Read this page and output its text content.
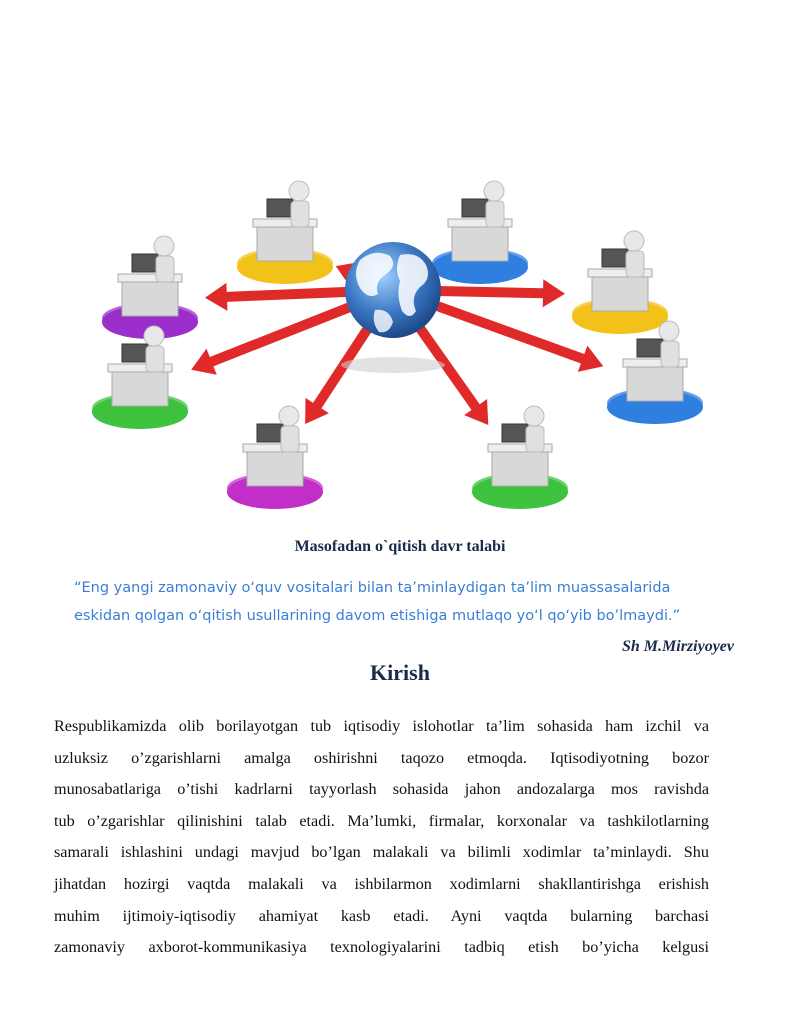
Masofadan o`qitish davr talabi
“Eng yangi zamonaviy o‘quv vositalari bilan ta’minlaydigan ta’lim muassasalarida
eskidan qolgan o‘qitish usullarining davom etishiga mutlaqo yo‘l qo‘yib bo’lmaydi.”
Sh M.Mirziyoyev
Kirish
Respublikamizda olib borilayotgan tub iqtisodiy islohotlar ta’lim sohasida ham izchil va
uzluksiz o’zgarishlarni amalga oshirishni taqozo etmoqda. Iqtisodiyotning bozor
munosabatlariga o’tishi kadrlarni tayyorlash sohasida jahon andozalarga mos ravishda
tub o’zgarishlar qilinishini talab etadi. Ma’lumki, firmalar, korxonalar va tashkilotlarning
samarali ishlashini undagi mavjud bo’lgan malakali va bilimli xodimlar ta’minlaydi. Shu
jihatdan hozirgi vaqtda malakali va ishbilarmon xodimlarni shakllantirishga erishish
muhim ijtimoiy-iqtisodiy ahamiyat kasb etadi. Ayni vaqtda bularning barchasi
zamonaviy axborot-kommunikasiya texnologiyalarini tadbiq etish bo’yicha kelgusi
